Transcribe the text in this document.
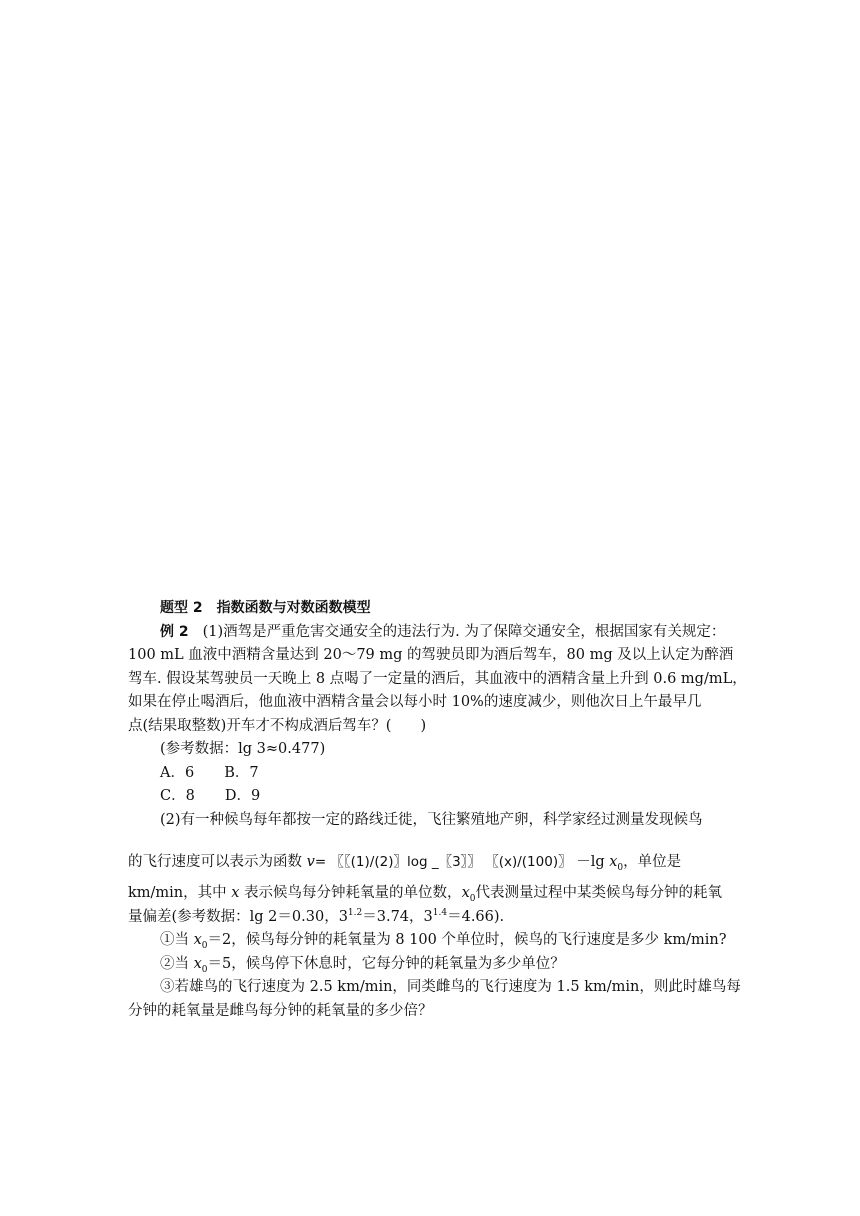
题型 2 指数函数与对数函数模型
例 2 (1)酒驾是严重危害交通安全的违法行为. 为了保障交通安全，根据国家有关规定：
100 mL 血液中酒精含量达到 20～79 mg 的驾驶员即为酒后驾车，80 mg 及以上认定为醉酒
驾车. 假设某驾驶员一天晚上 8 点喝了一定量的酒后，其血液中的酒精含量上升到 0.6 mg/mL，
如果在停止喝酒后，他血液中酒精含量会以每小时 10%的速度减少，则他次日上午最早几
点(结果取整数)开车才不构成酒后驾车？(　　)
(参考数据：lg 3≈0.477)
A．6 B．7
C．8 D．9
(2)有一种候鸟每年都按一定的路线迁徙，飞往繁殖地产卵，科学家经过测量发现候鸟
的飞行速度可以表示为函数 v= 〖〖(1)/(2)〗log _〖3〗〗 〖(x)/(100)〗 －lg $x_0$，单位是
km/min，其中 x 表示候鸟每分钟耗氧量的单位数，$x_0$代表测量过程中某类候鸟每分钟的耗氧
量偏差(参考数据：lg 2＝0.30，$3^{1.2}=3.74$，$3^{1.4}=4.66$).
①当 $x_0=2$，候鸟每分钟的耗氧量为 8 100 个单位时，候鸟的飞行速度是多少 km/min?
②当 $x_0=5$，候鸟停下休息时，它每分钟的耗氧量为多少单位？
③若雄鸟的飞行速度为 2.5 km/min，同类雌鸟的飞行速度为 1.5 km/min，则此时雄鸟每
分钟的耗氧量是雌鸟每分钟的耗氧量的多少倍？
